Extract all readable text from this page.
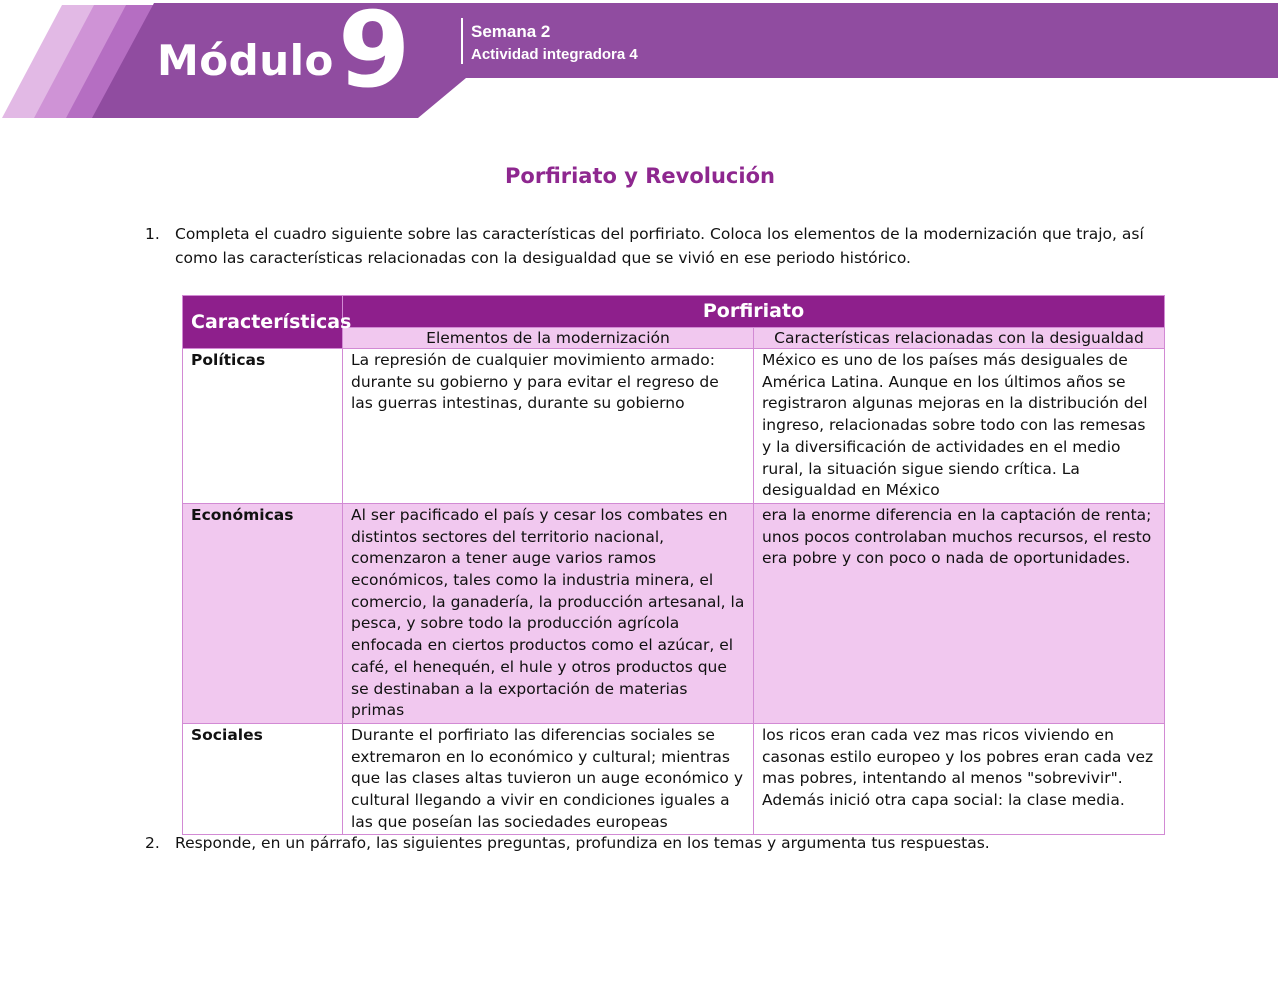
Módulo 9	Semana 2
Actividad integradora 4
Porfiriato y Revolución
1. Completa el cuadro siguiente sobre las características del porfiriato. Coloca los elementos de la modernización que trajo, así como las características relacionadas con la desigualdad que se vivió en ese periodo histórico.
Características	Porfiriato	
	Elementos de la modernización	Características relacionadas con la desigualdad
Políticas	La represión de cualquier movimiento armado: durante su gobierno y para evitar el regreso de las guerras intestinas, durante su gobierno	México es uno de los países más desiguales de América Latina. Aunque en los últimos años se registraron algunas mejoras en la distribución del ingreso, relacionadas sobre todo con las remesas y la diversificación de actividades en el medio rural, la situación sigue siendo crítica. La desigualdad en México
Económicas	Al ser pacificado el país y cesar los combates en distintos sectores del territorio nacional, comenzaron a tener auge varios ramos económicos, tales como la industria minera, el comercio, la ganadería, la producción artesanal, la pesca, y sobre todo la producción agrícola enfocada en ciertos productos como el azúcar, el café, el henequén, el hule y otros productos que se destinaban a la exportación de materias primas	era la enorme diferencia en la captación de renta; unos pocos controlaban muchos recursos, el resto era pobre y con poco o nada de oportunidades.
Sociales	Durante el porfiriato las diferencias sociales se extremaron en lo económico y cultural; mientras que las clases altas tuvieron un auge económico y cultural llegando a vivir en condiciones iguales a las que poseían las sociedades europeas	los ricos eran cada vez mas ricos viviendo en casonas estilo europeo y los pobres eran cada vez mas pobres, intentando al menos "sobrevivir". Además inició otra capa social: la clase media.
2. Responde, en un párrafo, las siguientes preguntas, profundiza en los temas y argumenta tus respuestas.
